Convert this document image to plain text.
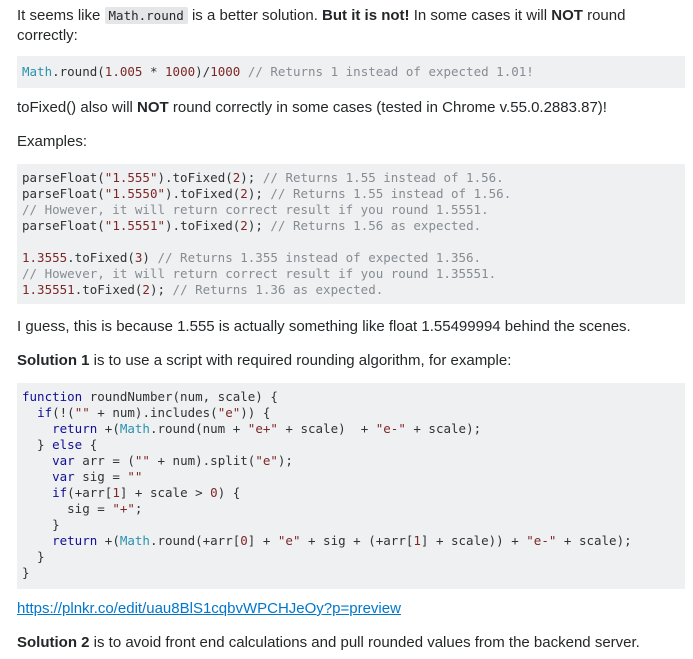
It seems like Math.round is a better solution. But it is not! In some cases it will NOT round
correctly:

Math.round(1.005 * 1000)/1000 // Returns 1 instead of expected 1.01!

toFixed() also will NOT round correctly in some cases (tested in Chrome v.55.0.2883.87)!

Examples:

parseFloat("1.555").toFixed(2); // Returns 1.55 instead of 1.56.
parseFloat("1.5550").toFixed(2); // Returns 1.55 instead of 1.56.
// However, it will return correct result if you round 1.5551.
parseFloat("1.5551").toFixed(2); // Returns 1.56 as expected.
1.3555.toFixed(3) // Returns 1.355 instead of expected 1.356.
// However, it will return correct result if you round 1.35551.
1.35551.toFixed(2); // Returns 1.36 as expected.

I guess, this is because 1.555 is actually something like float 1.55499994 behind the scenes.

Solution 1 is to use a script with required rounding algorithm, for example:

function roundNumber(num, scale) {
if(!("" + num).includes("e")) {
return +(Math.round(num + "e+" + scale)  + "e-" + scale);
} else {
var arr = ("" + num).split("e");
var sig = ""
if(+arr[1] + scale > 0) {
sig = "+";
}
return +(Math.round(+arr[0] + "e" + sig + (+arr[1] + scale)) + "e-" + scale);
}
}

https://plnkr.co/edit/uau8BlS1cqbvWPCHJeOy?p=preview

Solution 2 is to avoid front end calculations and pull rounded values from the backend server.
